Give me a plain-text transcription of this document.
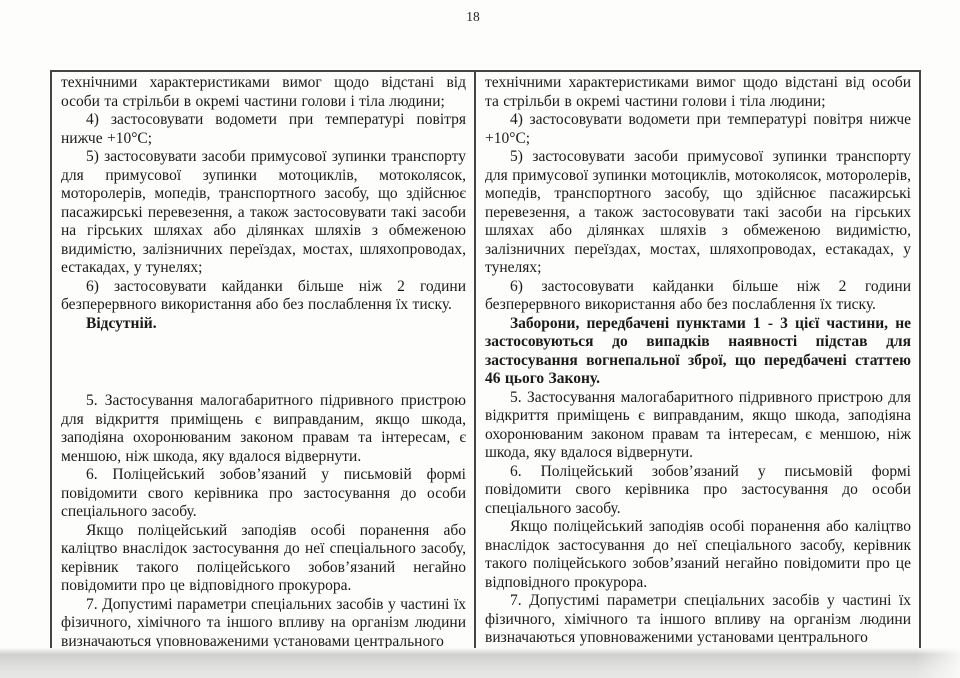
18

технічними характеристиками вимог щодо відстані від особи та стрільби в окремі частини голови і тіла людини;

4) застосовувати водомети при температурі повітря нижче +10°С;

5) застосовувати засоби примусової зупинки транспорту для примусової зупинки мотоциклів, мотоколясок, моторолерів, мопедів, транспортного засобу, що здійснює пасажирські перевезення, а також застосовувати такі засоби на гірських шляхах або ділянках шляхів з обмеженою видимістю, залізничних переїздах, мостах, шляхопроводах, естакадах, у тунелях;

6) застосовувати кайданки більше ніж 2 години безперервного використання або без послаблення їх тиску.

Відсутній.

5. Застосування малогабаритного підривного пристрою для відкриття приміщень є виправданим, якщо шкода, заподіяна охоронюваним законом правам та інтересам, є меншою, ніж шкода, яку вдалося відвернути.

6. Поліцейський зобов’язаний у письмовій формі повідомити свого керівника про застосування до особи спеціального засобу.

Якщо поліцейський заподіяв особі поранення або каліцтво внаслідок застосування до неї спеціального засобу, керівник такого поліцейського зобов’язаний негайно повідомити про це відповідного прокурора.

7. Допустимі параметри спеціальних засобів у частині їх фізичного, хімічного та іншого впливу на організм людини визначаються уповноваженими установами центрального

технічними характеристиками вимог щодо відстані від особи та стрільби в окремі частини голови і тіла людини;

4) застосовувати водомети при температурі повітря нижче +10°С;

5) застосовувати засоби примусової зупинки транспорту для примусової зупинки мотоциклів, мотоколясок, моторолерів, мопедів, транспортного засобу, що здійснює пасажирські перевезення, а також застосовувати такі засоби на гірських шляхах або ділянках шляхів з обмеженою видимістю, залізничних переїздах, мостах, шляхопроводах, естакадах, у тунелях;

6) застосовувати кайданки більше ніж 2 години безперервного використання або без послаблення їх тиску.

Заборони, передбачені пунктами 1 - 3 цієї частини, не застосовуються до випадків наявності підстав для застосування вогнепальної зброї, що передбачені статтею 46 цього Закону.

5. Застосування малогабаритного підривного пристрою для відкриття приміщень є виправданим, якщо шкода, заподіяна охоронюваним законом правам та інтересам, є меншою, ніж шкода, яку вдалося відвернути.

6. Поліцейський зобов’язаний у письмовій формі повідомити свого керівника про застосування до особи спеціального засобу.

Якщо поліцейський заподіяв особі поранення або каліцтво внаслідок застосування до неї спеціального засобу, керівник такого поліцейського зобов’язаний негайно повідомити про це відповідного прокурора.

7. Допустимі параметри спеціальних засобів у частині їх фізичного, хімічного та іншого впливу на організм людини визначаються уповноваженими установами центрального
